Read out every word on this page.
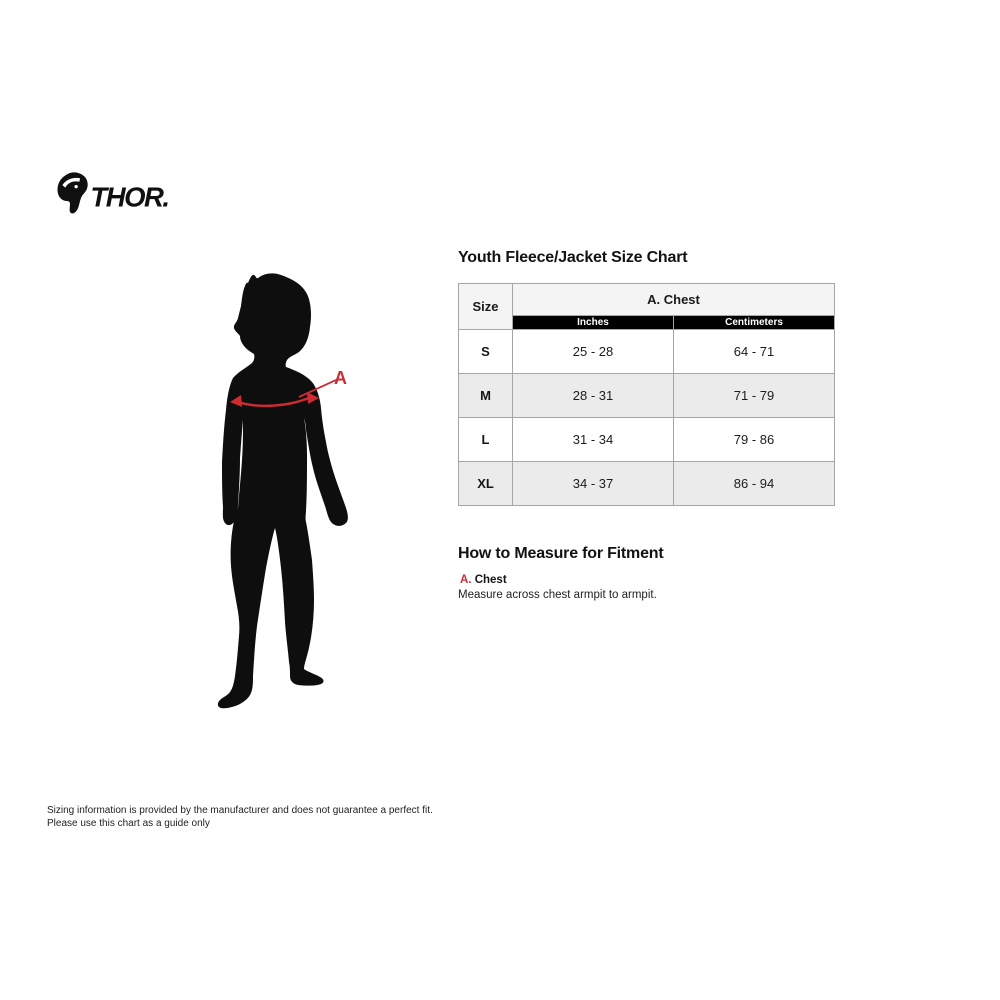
THOR.
A
Youth Fleece/Jacket Size Chart
Size	A. Chest	
	Inches	Centimeters
S	25 - 28	64 - 71
M	28 - 31	71 - 79
L	31 - 34	79 - 86
XL	34 - 37	86 - 94
How to Measure for Fitment
A. Chest
Measure across chest armpit to armpit.
Sizing information is provided by the manufacturer and does not guarantee a perfect fit.
Please use this chart as a guide only
